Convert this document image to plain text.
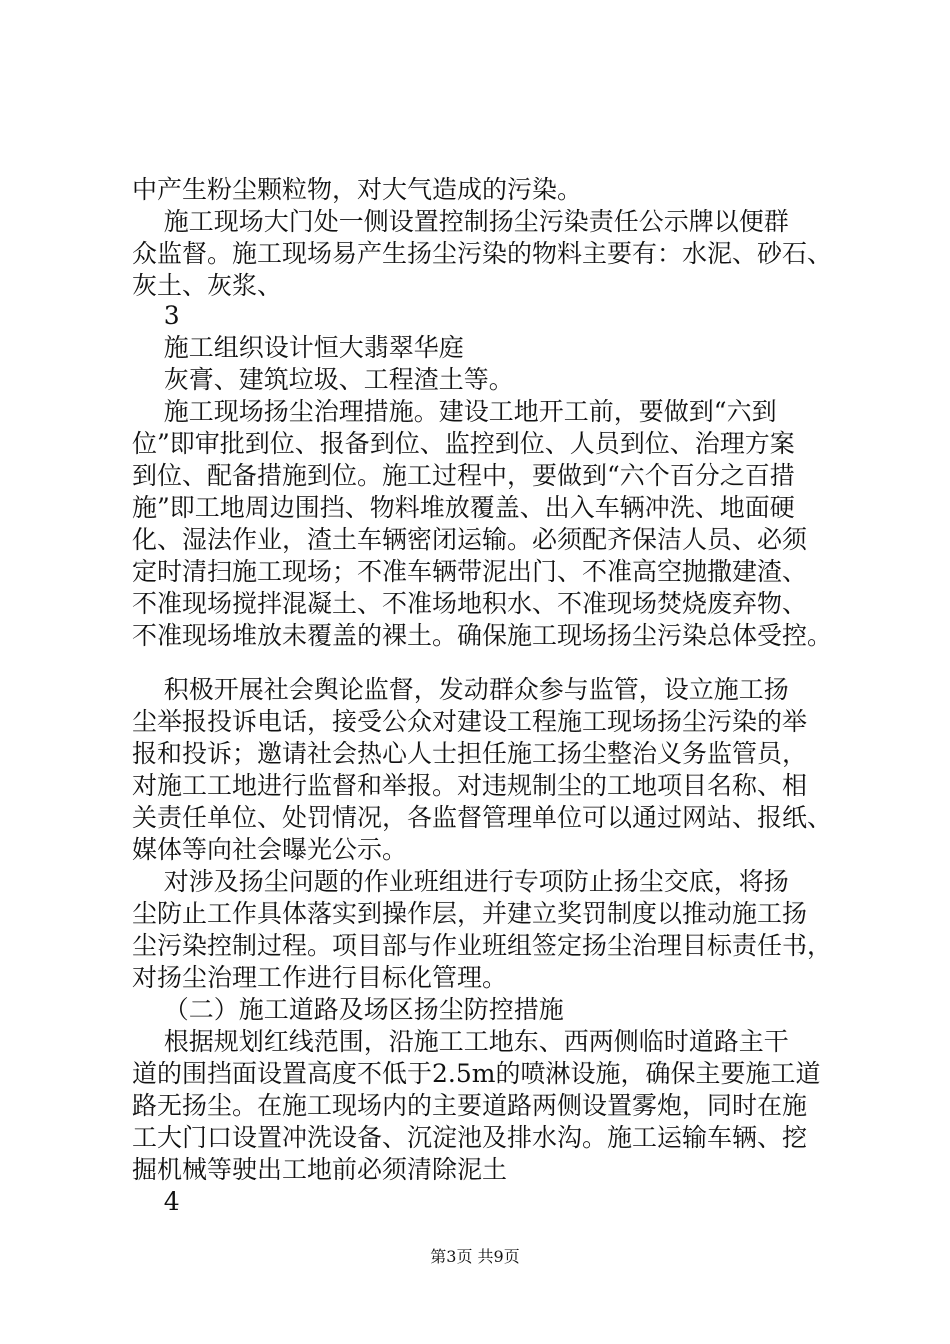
中产生粉尘颗粒物，对大气造成的污染。
施工现场大门处一侧设置控制扬尘污染责任公示牌以便群
众监督。施工现场易产生扬尘污染的物料主要有：水泥、砂石、
灰土、灰浆、
3
施工组织设计恒大翡翠华庭
灰膏、建筑垃圾、工程渣土等。
施工现场扬尘治理措施。建设工地开工前，要做到“六到
位”即审批到位、报备到位、监控到位、人员到位、治理方案
到位、配备措施到位。施工过程中，要做到“六个百分之百措
施”即工地周边围挡、物料堆放覆盖、出入车辆冲洗、地面硬
化、湿法作业，渣土车辆密闭运输。必须配齐保洁人员、必须
定时清扫施工现场；不准车辆带泥出门、不准高空抛撒建渣、
不准现场搅拌混凝土、不准场地积水、不准现场焚烧废弃物、
不准现场堆放未覆盖的裸土。确保施工现场扬尘污染总体受控。
积极开展社会舆论监督，发动群众参与监管，设立施工扬
尘举报投诉电话，接受公众对建设工程施工现场扬尘污染的举
报和投诉；邀请社会热心人士担任施工扬尘整治义务监管员，
对施工工地进行监督和举报。对违规制尘的工地项目名称、相
关责任单位、处罚情况，各监督管理单位可以通过网站、报纸、
媒体等向社会曝光公示。
对涉及扬尘问题的作业班组进行专项防止扬尘交底，将扬
尘防止工作具体落实到操作层，并建立奖罚制度以推动施工扬
尘污染控制过程。项目部与作业班组签定扬尘治理目标责任书，
对扬尘治理工作进行目标化管理。
（二）施工道路及场区扬尘防控措施
根据规划红线范围，沿施工工地东、西两侧临时道路主干
道的围挡面设置高度不低于2.5m的喷淋设施，确保主要施工道
路无扬尘。在施工现场内的主要道路两侧设置雾炮，同时在施
工大门口设置冲洗设备、沉淀池及排水沟。施工运输车辆、挖
掘机械等驶出工地前必须清除泥土
4
第3页 共9页
